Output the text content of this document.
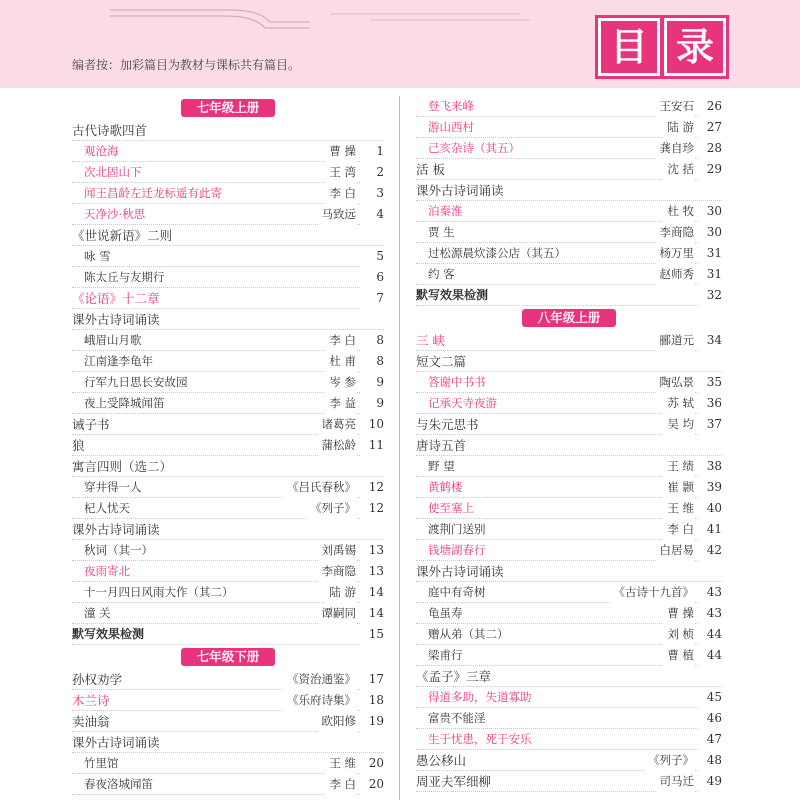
目 录
编者按：加彩篇目为教材与课标共有篇目。
七年级上册
古代诗歌四首
观沧海	曹 操	1
次北固山下	王 湾	2
闻王昌龄左迁龙标遥有此寄	李 白	3
天净沙·秋思	马致远	4
《世说新语》二则
咏 雪	5
陈太丘与友期行	6
《论语》十二章	7
课外古诗词诵读
峨眉山月歌	李 白	8
江南逢李龟年	杜 甫	8
行军九日思长安故园	岑 参	9
夜上受降城闻笛	李 益	9
诫子书	诸葛亮	10
狼	蒲松龄	11
寓言四则（选二）
穿井得一人	《吕氏春秋》	12
杞人忧天	《列子》	12
课外古诗词诵读
秋词（其一）	刘禹锡	13
夜雨寄北	李商隐	13
十一月四日风雨大作（其二）	陆 游	14
潼 关	谭嗣同	14
默写效果检测	15
七年级下册
孙权劝学	《资治通鉴》	17
木兰诗	《乐府诗集》	18
卖油翁	欧阳修	19
课外古诗词诵读
竹里馆	王 维	20
春夜洛城闻笛	李 白	20
登飞来峰	王安石	26
游山西村	陆 游	27
己亥杂诗（其五）	龚自珍	28
活 板	沈 括	29
课外古诗词诵读
泊秦淮	杜 牧	30
贾 生	李商隐	30
过松源晨炊漆公店（其五）	杨万里	31
约 客	赵师秀	31
默写效果检测	32
八年级上册
三 峡	郦道元	34
短文二篇
答谢中书书	陶弘景	35
记承天寺夜游	苏 轼	36
与朱元思书	吴 均	37
唐诗五首
野 望	王 绩	38
黄鹤楼	崔 颢	39
使至塞上	王 维	40
渡荆门送别	李 白	41
钱塘湖春行	白居易	42
课外古诗词诵读
庭中有奇树	《古诗十九首》	43
龟虽寿	曹 操	43
赠从弟（其二）	刘 桢	44
梁甫行	曹 植	44
《孟子》三章
得道多助，失道寡助	45
富贵不能淫	46
生于忧患，死于安乐	47
愚公移山	《列子》	48
周亚夫军细柳	司马迁	49
